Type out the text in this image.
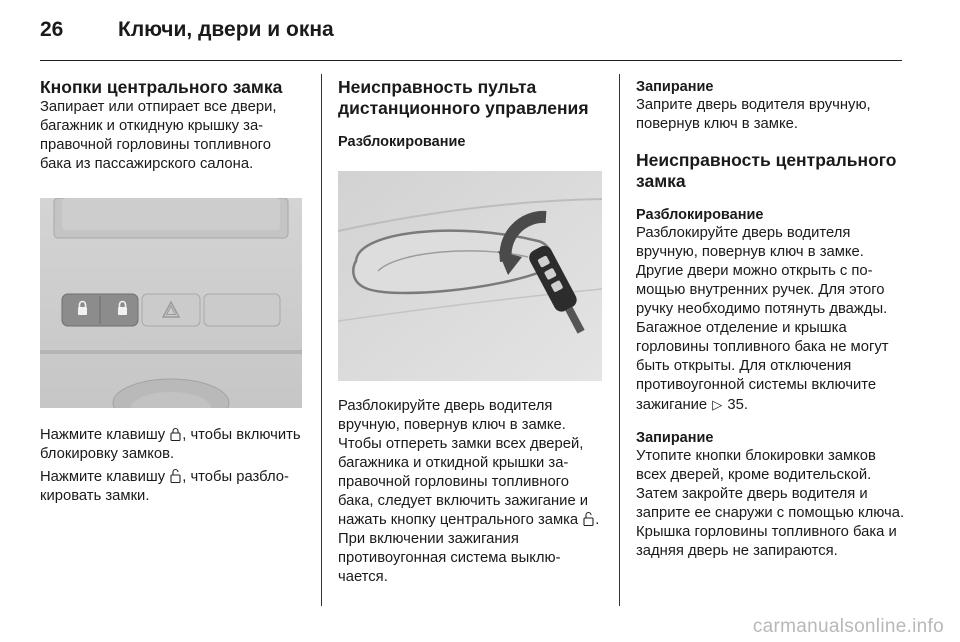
26	Ключи, двери и окна
Кнопки центрального замка

Запирает или отпирает все двери, багажник и откидную крышку заправочной горловины топливного бака из пассажирского салона.

Нажмите клавишу , чтобы включить блокировку замков.

Нажмите клавишу , чтобы разблокировать замки.

Неисправность пульта дистанционного управления
Разблокирование

Разблокируйте дверь водителя вручную, повернув ключ в замке. Чтобы отпереть замки всех дверей, багажника и откидной крышки заправочной горловины топливного бака, следует включить зажигание и нажать кнопку центрального замка . При включении зажигания противоугонная система выключается.

Запирание

Заприте дверь водителя вручную, повернув ключ в замке.

Неисправность центрального замка
Разблокирование

Разблокируйте дверь водителя вручную, повернув ключ в замке. Другие двери можно открыть с помощью внутренних ручек. Для этого ручку необходимо потянуть дважды. Багажное отделение и крышка горловины топливного бака не могут быть открыты. Для отключения противоугонной системы включите зажигание ▷ 35.

Запирание

Утопите кнопки блокировки замков всех дверей, кроме водительской. Затем закройте дверь водителя и заприте ее снаружи с помощью ключа. Крышка горловины топливного бака и задняя дверь не запираются.

carmanualsonline.info
